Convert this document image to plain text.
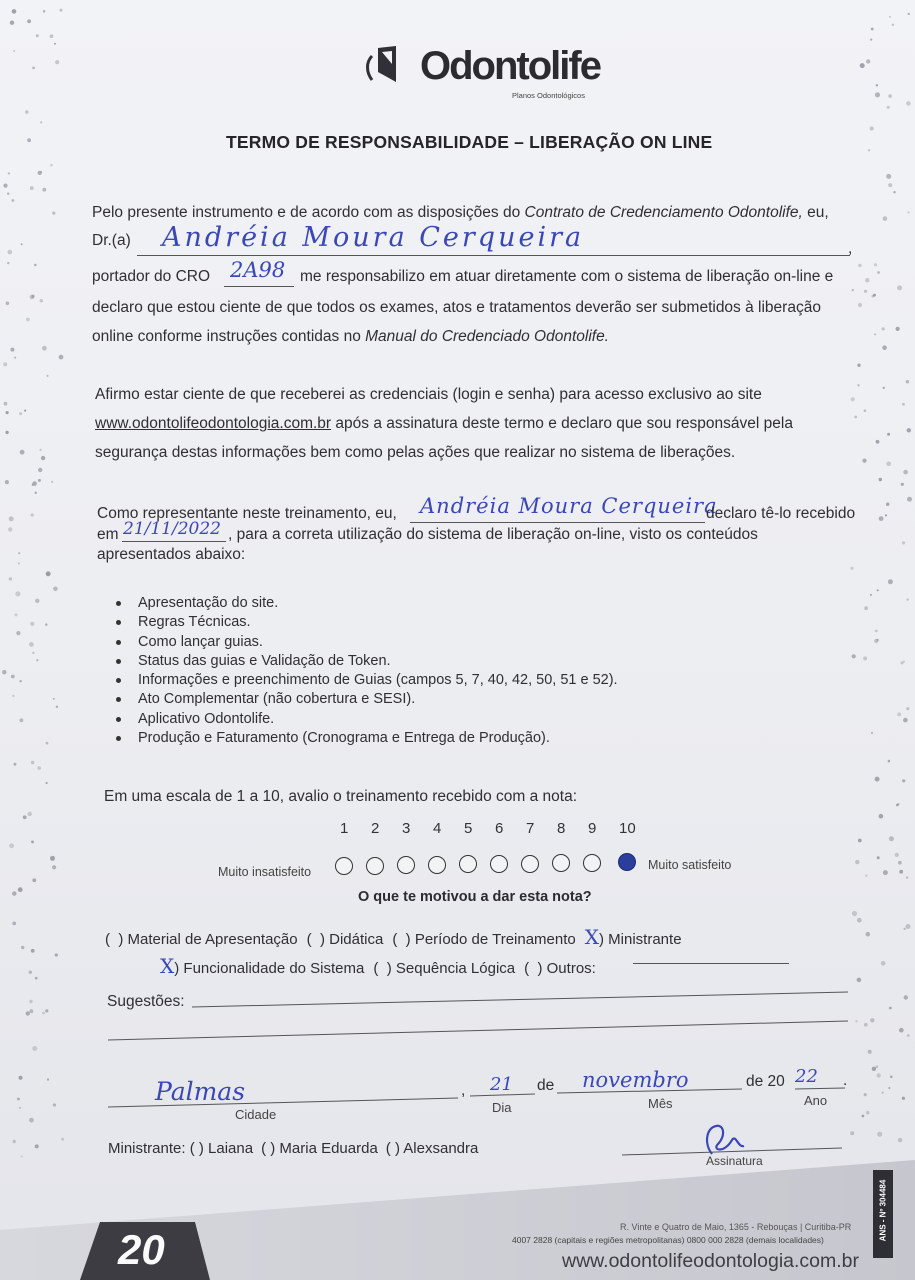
Odontolife
Planos Odontológicos
TERMO DE RESPONSABILIDADE – LIBERAÇÃO ON LINE
Pelo presente instrumento e de acordo com as disposições do Contrato de Credenciamento Odontolife, eu,
Dr.(a) Andréia Moura Cerqueira	,
portador do CRO 2A98 me responsabilizo em atuar diretamente com o sistema de liberação on-line e
declaro que estou ciente de que todos os exames, atos e tratamentos deverão ser submetidos à liberação
online conforme instruções contidas no Manual do Credenciado Odontolife.
Afirmo estar ciente de que receberei as credenciais (login e senha) para acesso exclusivo ao site
www.odontolifeodontologia.com.br após a assinatura deste termo e declaro que sou responsável pela
segurança destas informações bem como pelas ações que realizar no sistema de liberações.
Como representante neste treinamento, eu, Andréia Moura Cerqueira
declaro tê-lo recebido
em 21/11/2022 , para a correta utilização do sistema de liberação on-line, visto os conteúdos
apresentados abaixo:
Apresentação do site.
Regras Técnicas.
Como lançar guias.
Status das guias e Validação de Token.
Informações e preenchimento de Guias (campos 5, 7, 40, 42, 50, 51 e 52).
Ato Complementar (não cobertura e SESI).
Aplicativo Odontolife.
Produção e Faturamento (Cronograma e Entrega de Produção).
Em uma escala de 1 a 10, avalio o treinamento recebido com a nota:
1 2 3 4 5 6 7 8 9 10
Muito insatisfeito	Muito satisfeito
O que te motivou a dar esta nota?
(  ) Material de Apresentação (  ) Didática (  ) Período de Treinamento X) Ministrante
X) Funcionalidade do Sistema (  ) Sequência Lógica (  ) Outros:
Sugestões:
Palmas	,
Cidade
21
Dia
de novembro
Mês
de 20 22 .
Ano
Ministrante: ( ) Laiana ( ) Maria Eduarda ( ) Alexsandra
Assinatura
20	R. Vinte e Quatro de Maio, 1365 - Rebouças | Curitiba-PR
4007 2828 (capitais e regiões metropolitanas) 0800 000 2828 (demais localidades)
www.odontolifeodontologia.com.br
ANS - Nº 304484
